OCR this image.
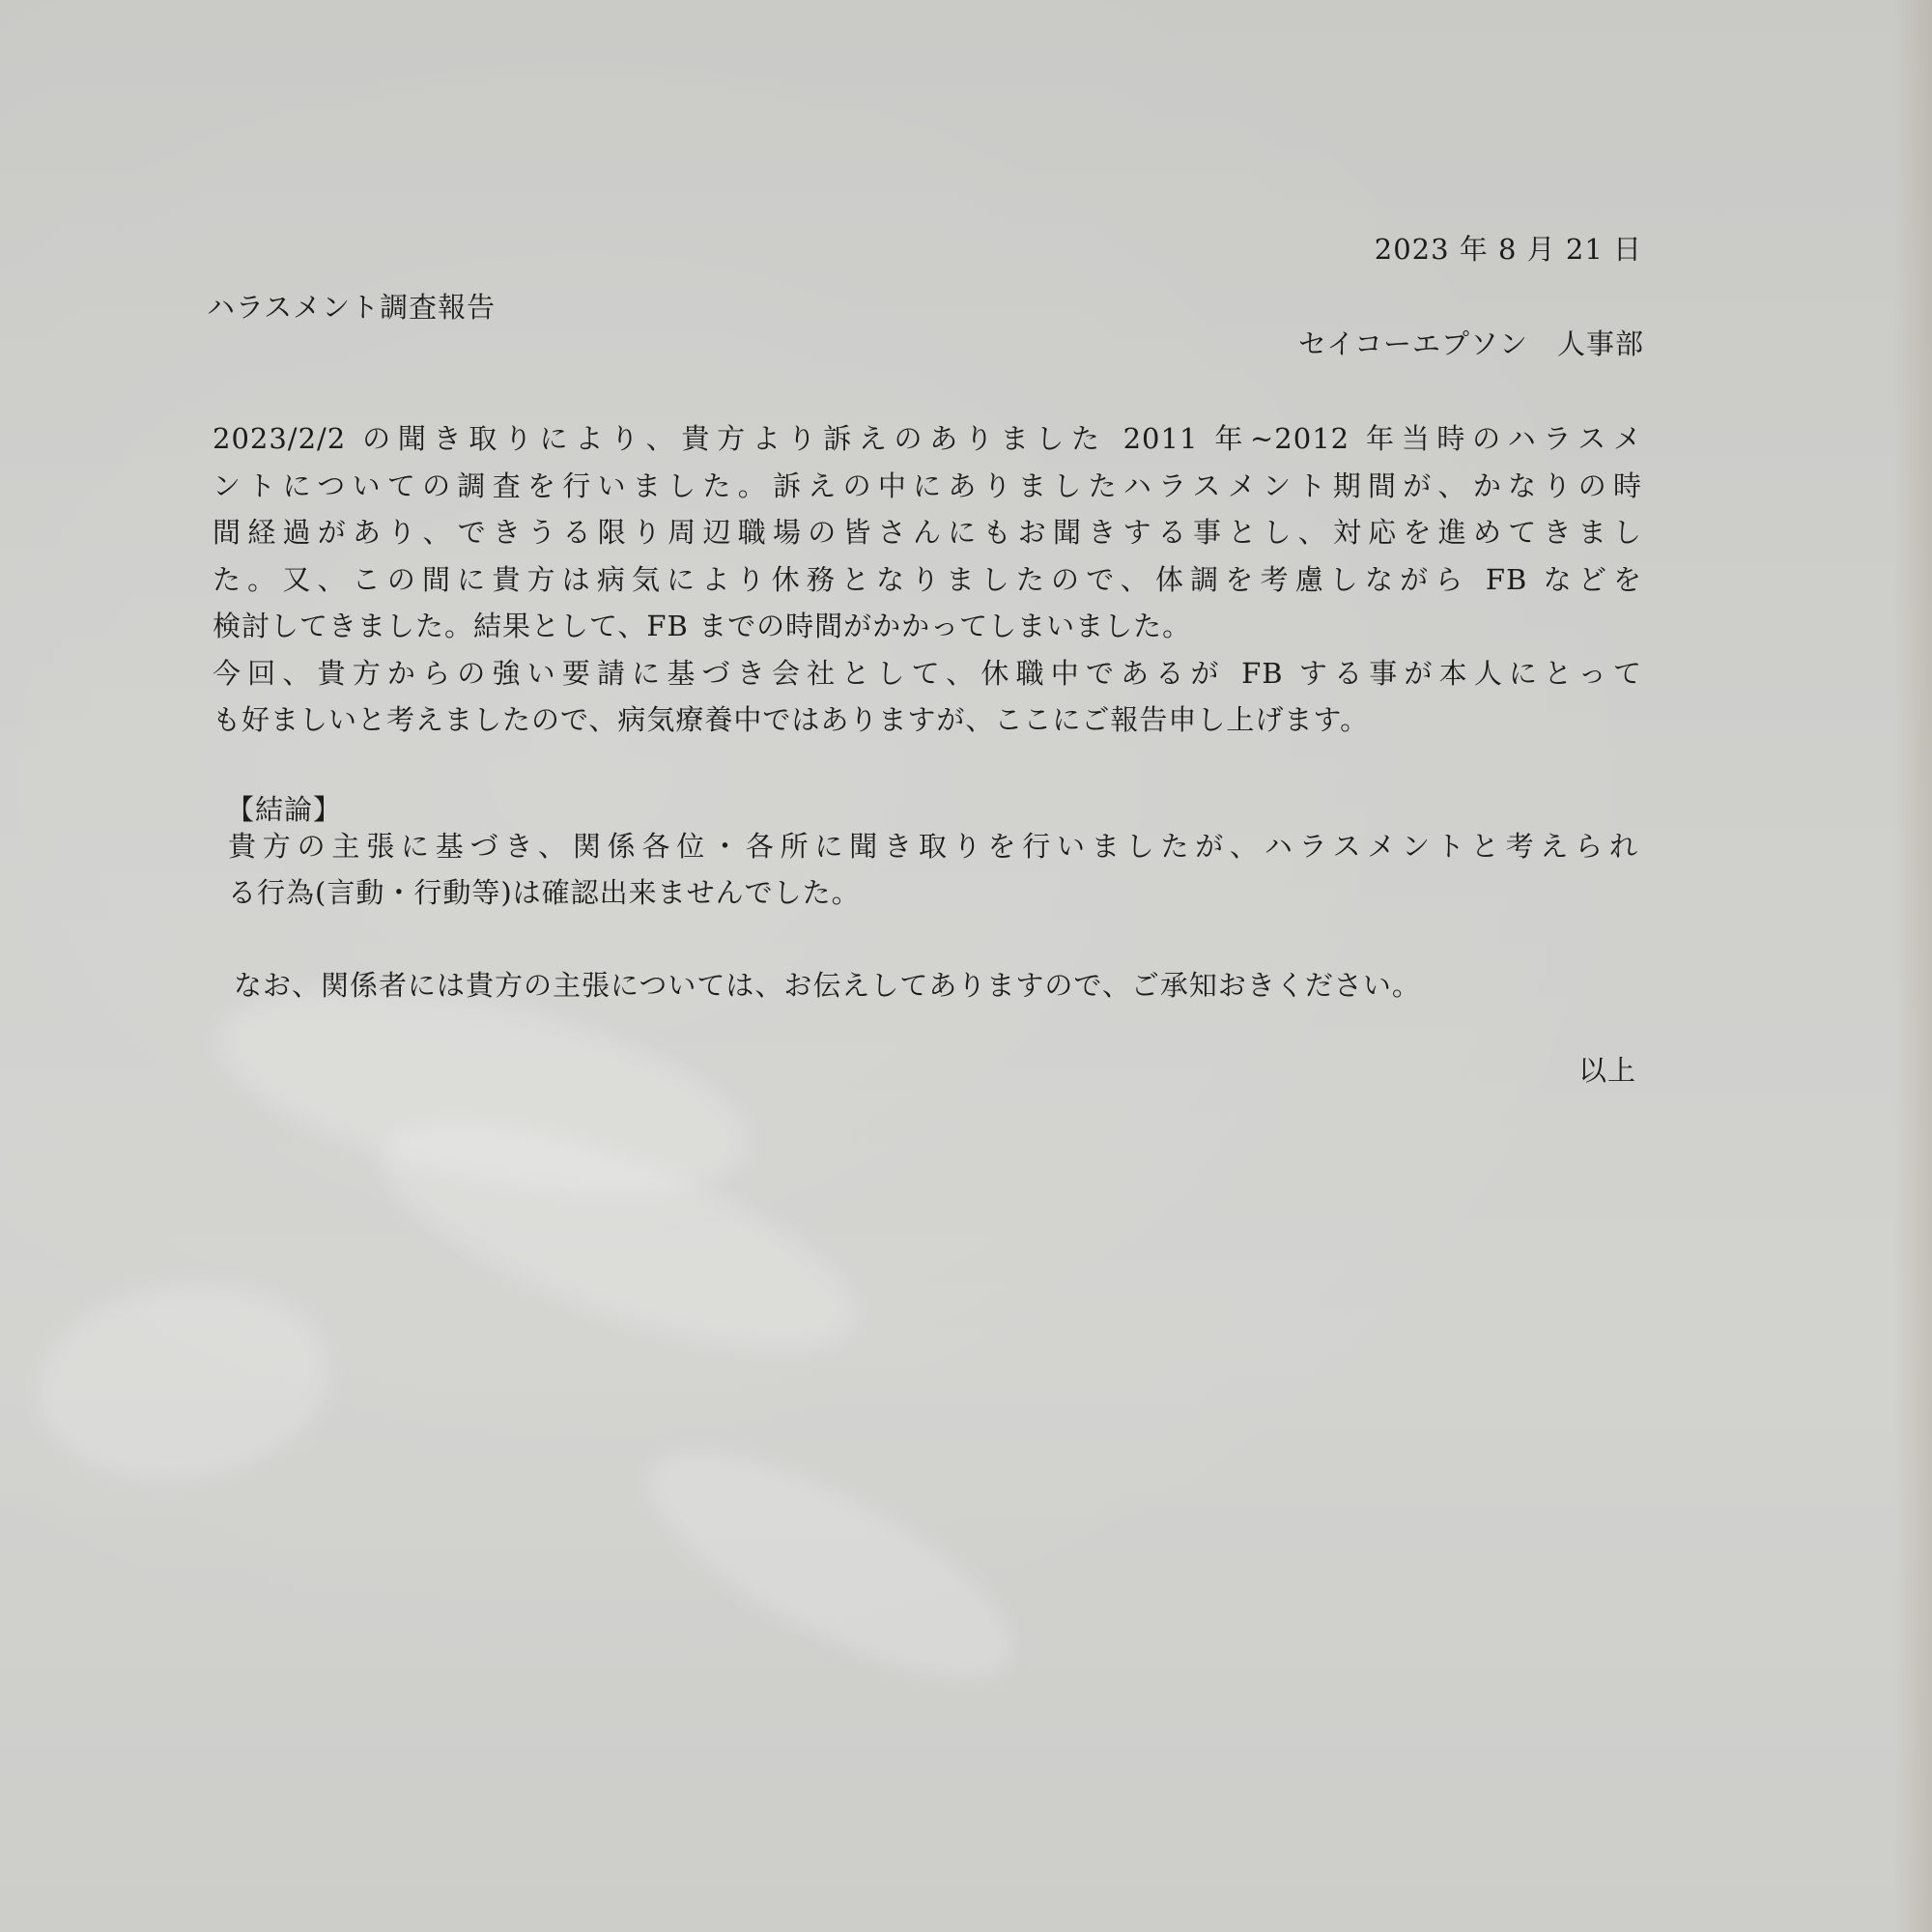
2023 年 8 月 21 日
ハラスメント調査報告
セイコーエプソン　人事部
2023/2/2 の聞き取りにより、貴方より訴えのありました 2011 年~2012 年当時のハラスメ
ントについての調査を行いました。訴えの中にありましたハラスメント期間が、かなりの時
間経過があり、できうる限り周辺職場の皆さんにもお聞きする事とし、対応を進めてきまし
た。又、この間に貴方は病気により休務となりましたので、体調を考慮しながら FB などを
検討してきました。結果として、FB までの時間がかかってしまいました。
今回、貴方からの強い要請に基づき会社として、休職中であるが FB する事が本人にとって
も好ましいと考えましたので、病気療養中ではありますが、ここにご報告申し上げます。
【結論】
貴方の主張に基づき、関係各位・各所に聞き取りを行いましたが、ハラスメントと考えられ
る行為(言動・行動等)は確認出来ませんでした。
なお、関係者には貴方の主張については、お伝えしてありますので、ご承知おきください。
以上
